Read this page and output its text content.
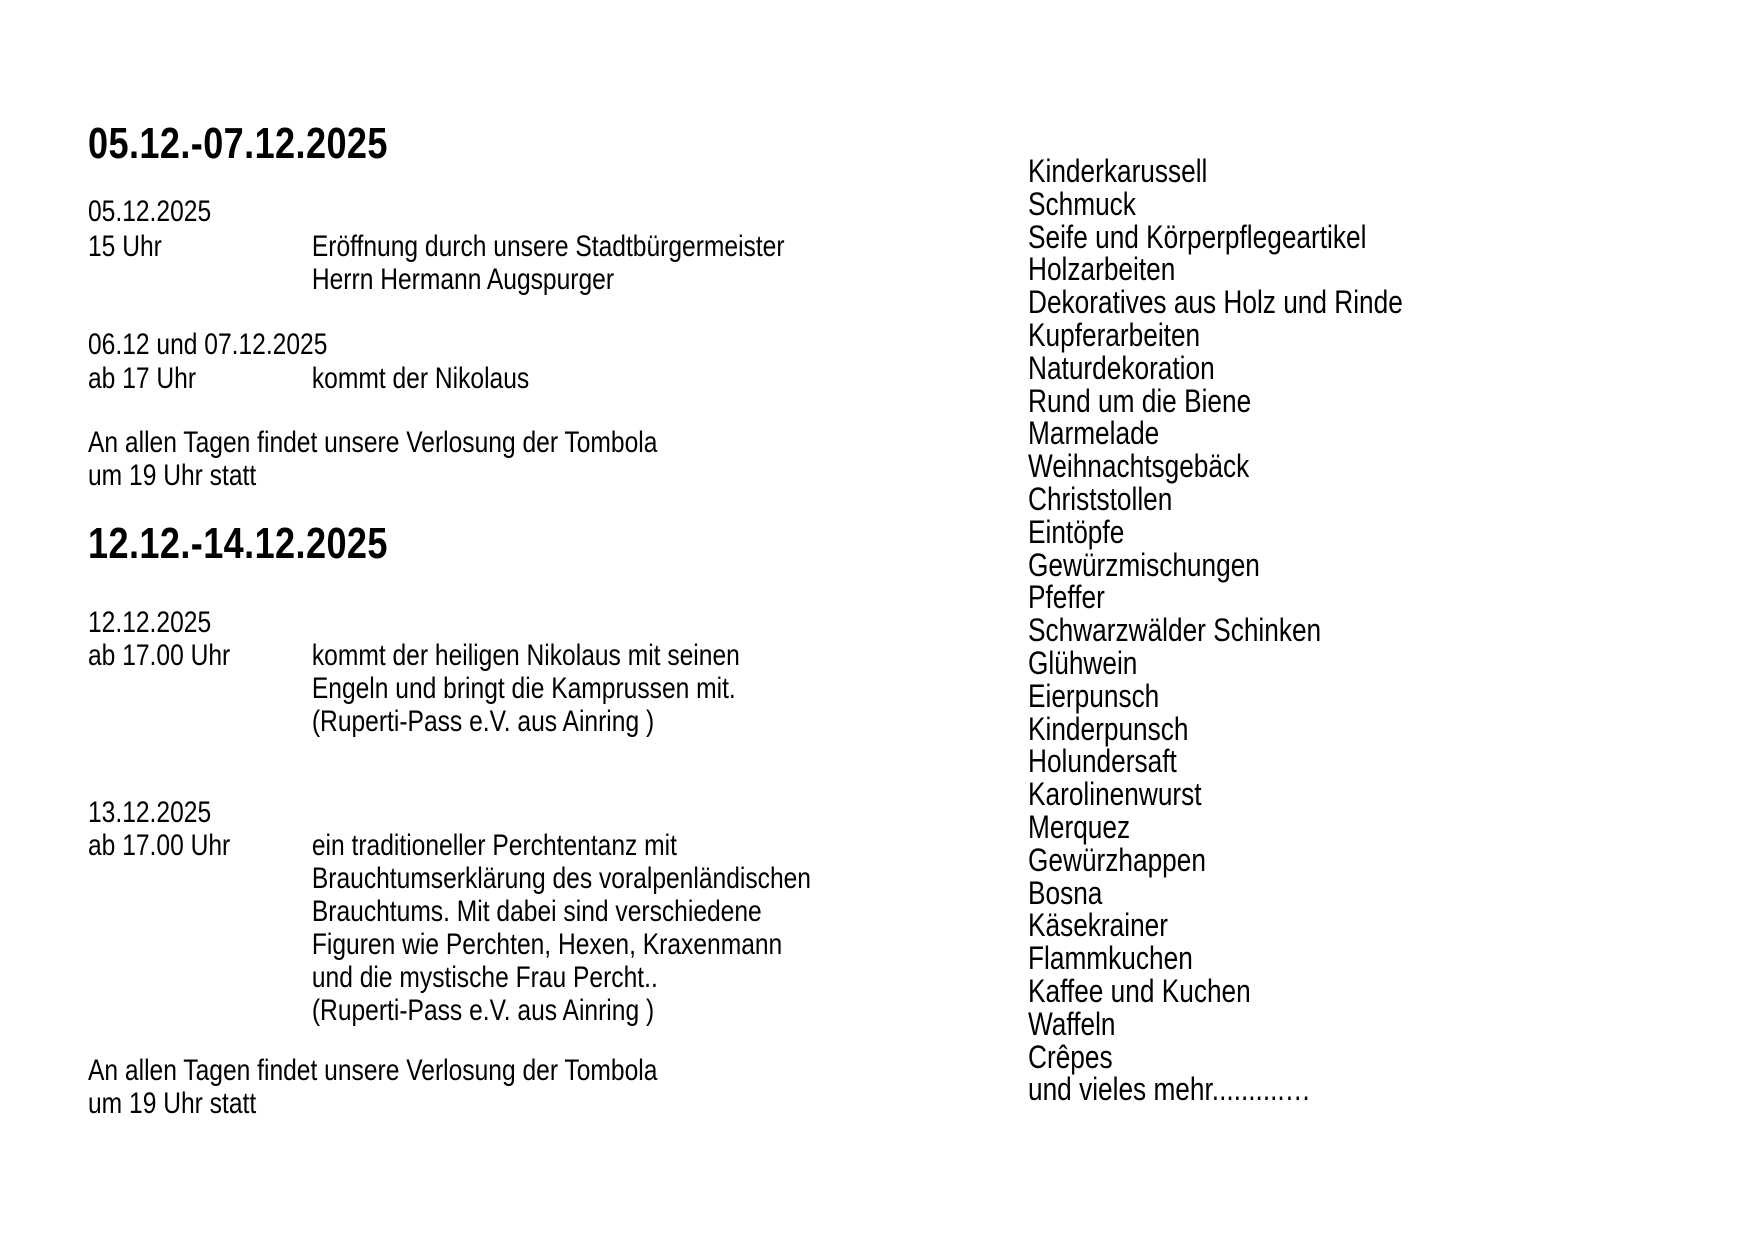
05.12.-07.12.2025
05.12.2025
15 Uhr	Eröffnung durch unsere Stadtbürgermeister
Herrn Hermann Augspurger
06.12 und 07.12.2025
ab 17 Uhr	kommt der Nikolaus
An allen Tagen findet unsere Verlosung der Tombola
um 19 Uhr statt
12.12.-14.12.2025
12.12.2025
ab 17.00 Uhr	kommt der heiligen Nikolaus mit seinen
Engeln und bringt die Kamprussen mit.
(Ruperti-Pass e.V. aus Ainring )
13.12.2025
ab 17.00 Uhr	ein traditioneller Perchtentanz mit
Brauchtumserklärung des voralpenländischen
Brauchtums. Mit dabei sind verschiedene
Figuren wie Perchten, Hexen, Kraxenmann
und die mystische Frau Percht..
(Ruperti-Pass e.V. aus Ainring )
An allen Tagen findet unsere Verlosung der Tombola
um 19 Uhr statt
Kinderkarussell
Schmuck
Seife und Körperpflegeartikel
Holzarbeiten
Dekoratives aus Holz und Rinde
Kupferarbeiten
Naturdekoration
Rund um die Biene
Marmelade
Weihnachtsgebäck
Christstollen
Eintöpfe
Gewürzmischungen
Pfeffer
Schwarzwälder Schinken
Glühwein
Eierpunsch
Kinderpunsch
Holundersaft
Karolinenwurst
Merquez
Gewürzhappen
Bosna
Käsekrainer
Flammkuchen
Kaffee und Kuchen
Waffeln
Crêpes
und vieles mehr..........…
